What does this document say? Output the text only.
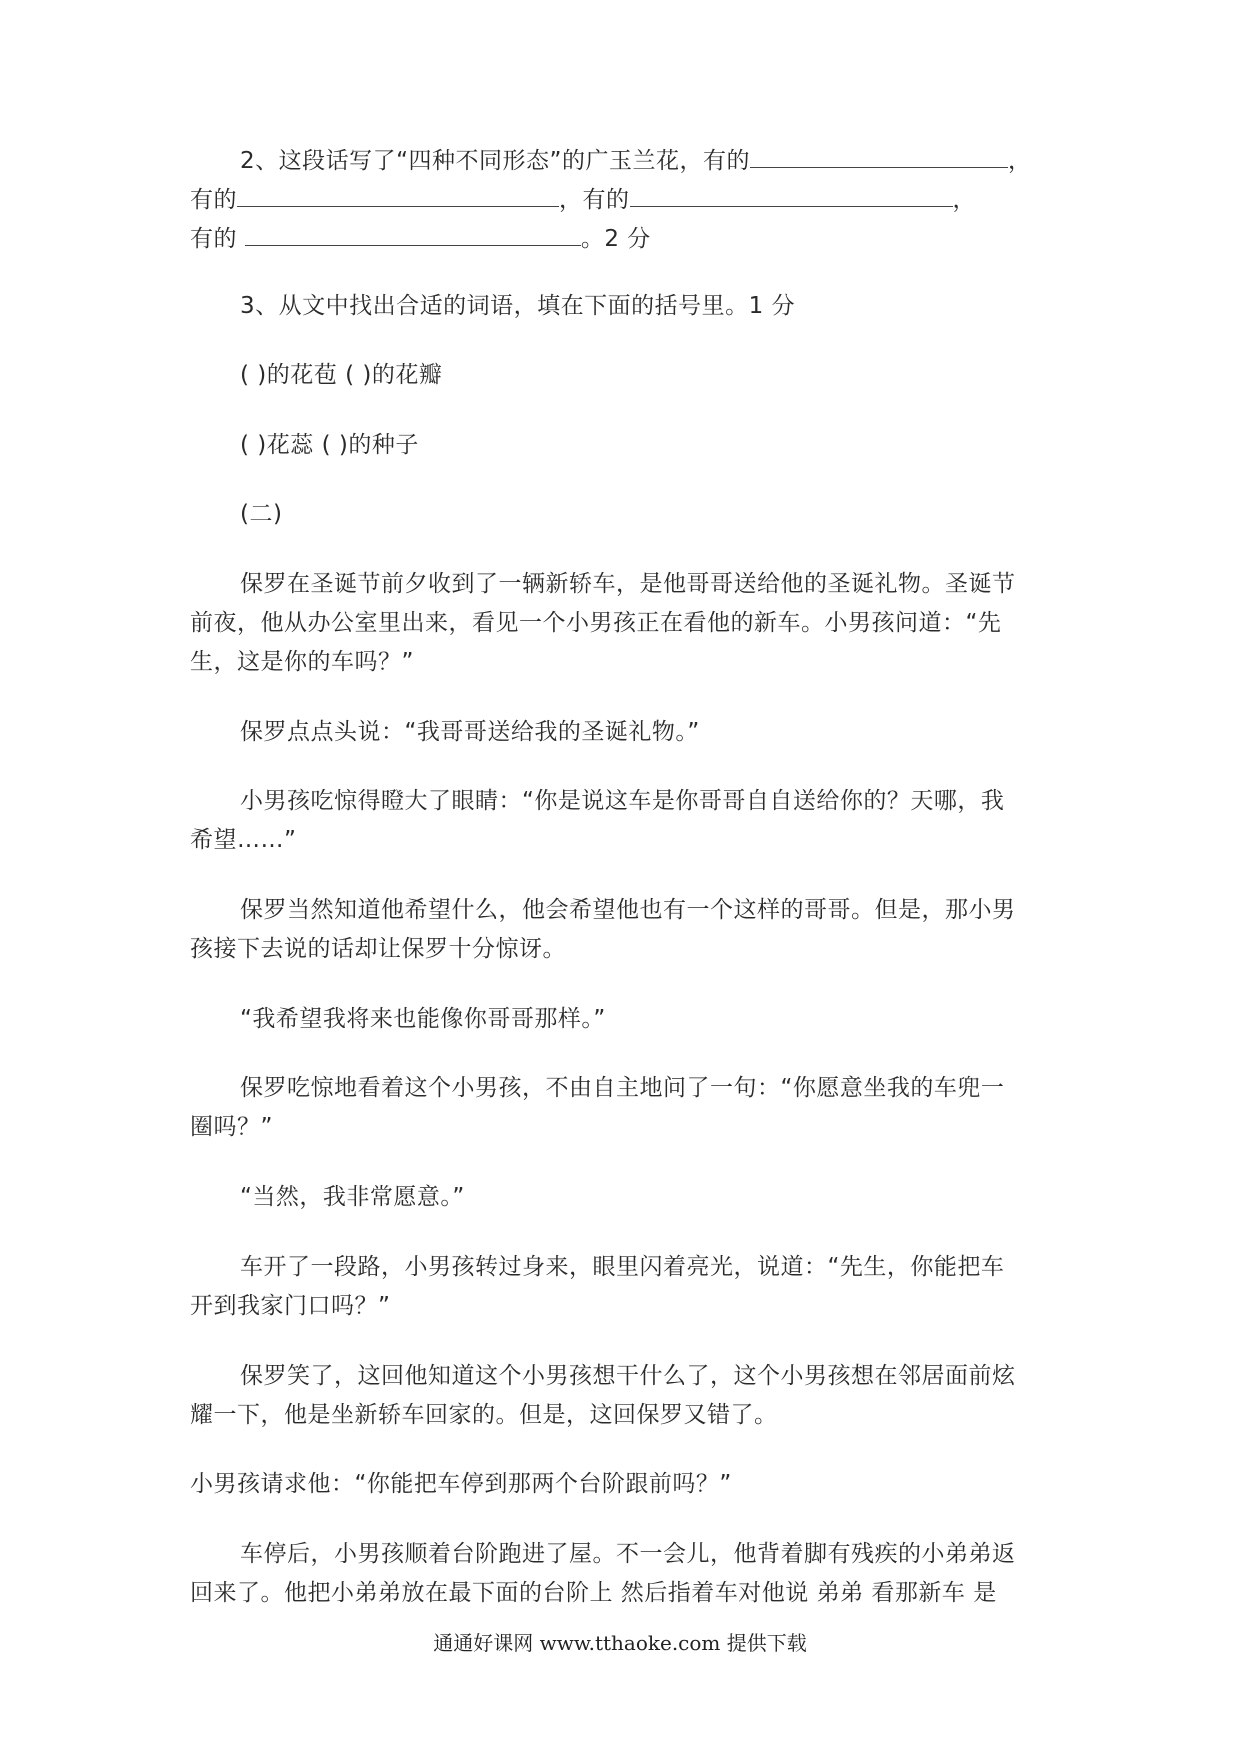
2、这段话写了“四种不同形态”的广玉兰花，有的	，
有的	，有的	，
有的	。2 分
3、从文中找出合适的词语，填在下面的括号里。1 分
( )的花苞 ( )的花瓣
( )花蕊 ( )的种子
(二)
保罗在圣诞节前夕收到了一辆新轿车，是他哥哥送给他的圣诞礼物。圣诞节
前夜，他从办公室里出来，看见一个小男孩正在看他的新车。小男孩问道：“先
生，这是你的车吗？”
保罗点点头说：“我哥哥送给我的圣诞礼物。”
小男孩吃惊得瞪大了眼睛：“你是说这车是你哥哥自自送给你的？天哪，我
希望……”
保罗当然知道他希望什么，他会希望他也有一个这样的哥哥。但是，那小男
孩接下去说的话却让保罗十分惊讶。
“我希望我将来也能像你哥哥那样。”
保罗吃惊地看着这个小男孩，不由自主地问了一句：“你愿意坐我的车兜一
圈吗？”
“当然，我非常愿意。”
车开了一段路，小男孩转过身来，眼里闪着亮光，说道：“先生，你能把车
开到我家门口吗？”
保罗笑了，这回他知道这个小男孩想干什么了，这个小男孩想在邻居面前炫
耀一下，他是坐新轿车回家的。但是，这回保罗又错了。
小男孩请求他：“你能把车停到那两个台阶跟前吗？”
车停后，小男孩顺着台阶跑进了屋。不一会儿，他背着脚有残疾的小弟弟返
回来了。他把小弟弟放在最下面的台阶上 然后指着车对他说 弟弟 看那新车 是
通通好课网 www.tthaoke.com 提供下载
